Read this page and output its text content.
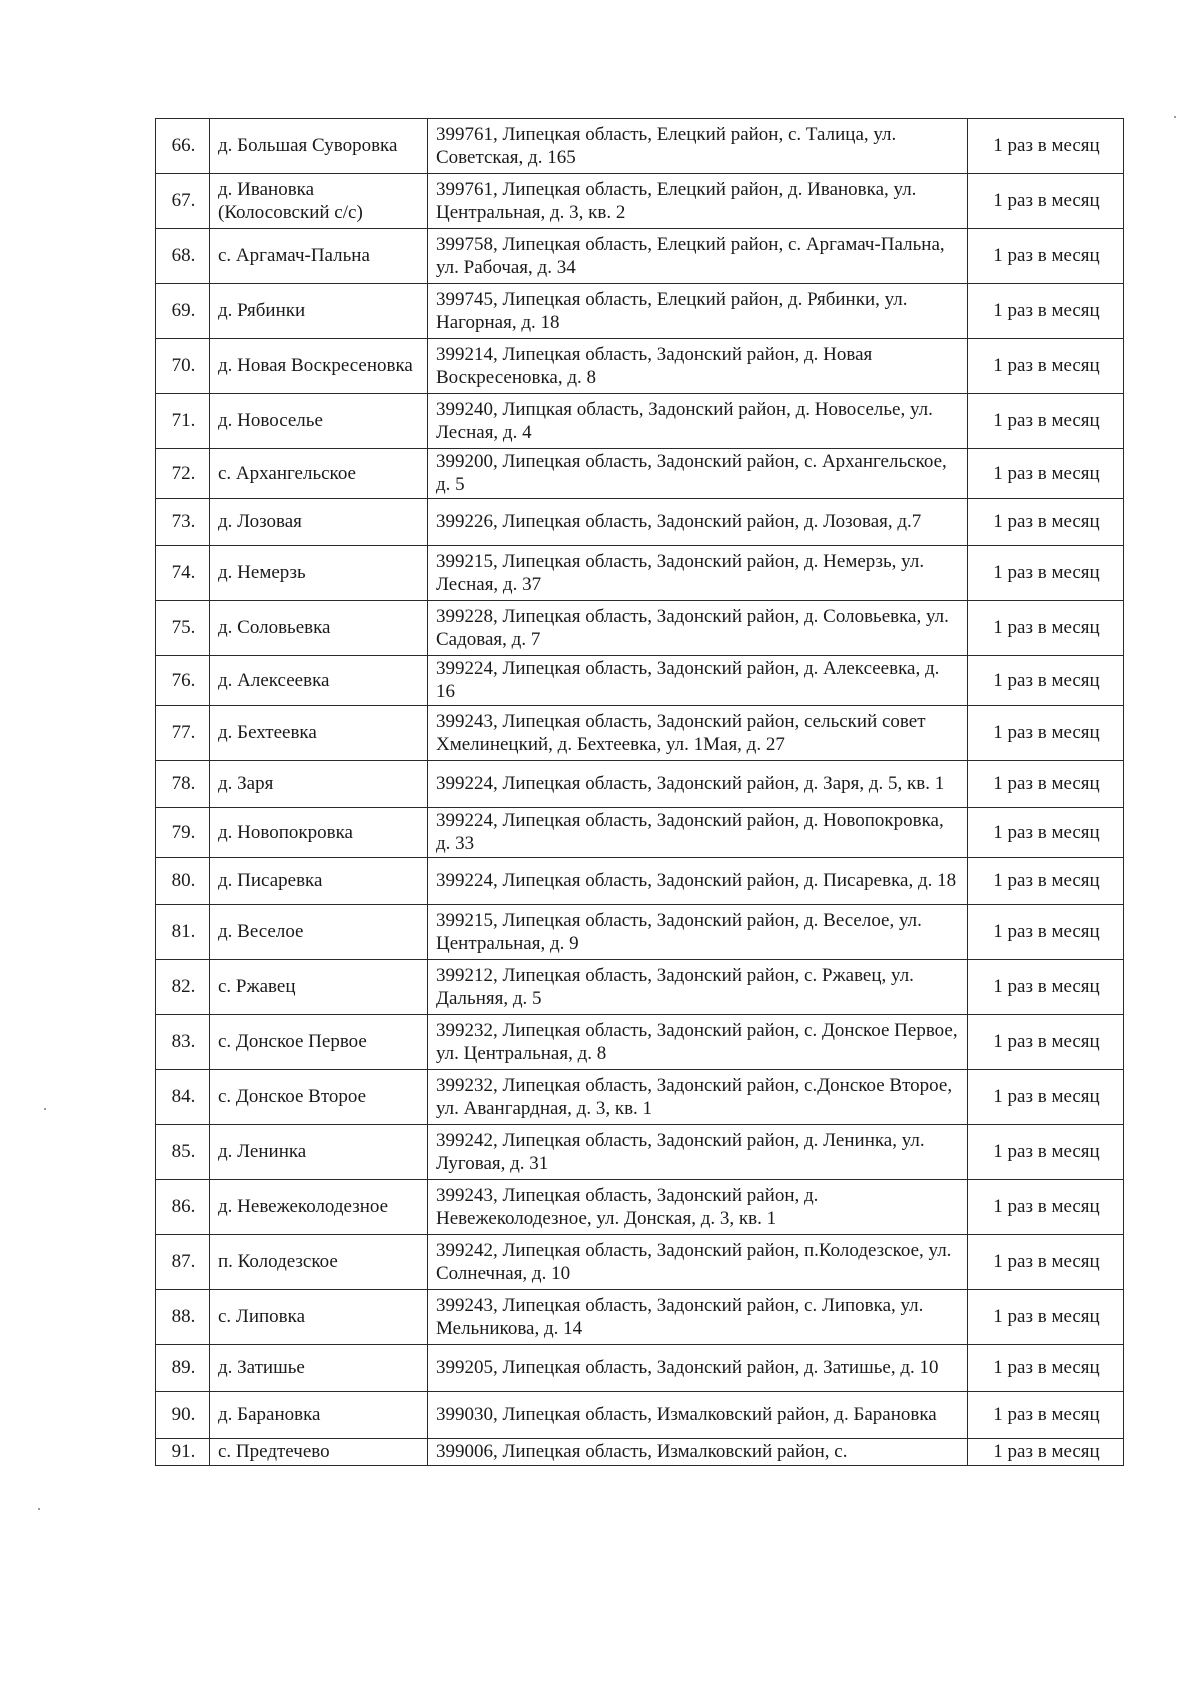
66.	д. Большая Суворовка	399761, Липецкая область, Елецкий район, с. Талица, ул. Советская, д. 165	1 раз в месяц
67.	д. Ивановка (Колосовский с/с)	399761, Липецкая область, Елецкий район, д. Ивановка, ул. Центральная, д. 3, кв. 2	1 раз в месяц
68.	с. Аргамач-Пальна	399758, Липецкая область, Елецкий район, с. Аргамач-Пальна, ул. Рабочая, д. 34	1 раз в месяц
69.	д. Рябинки	399745, Липецкая область, Елецкий район, д. Рябинки, ул. Нагорная, д. 18	1 раз в месяц
70.	д. Новая Воскресеновка	399214, Липецкая область, Задонский район, д. Новая Воскресеновка, д. 8	1 раз в месяц
71.	д. Новоселье	399240, Липцкая область, Задонский район, д. Новоселье, ул. Лесная, д. 4	1 раз в месяц
72.	с. Архангельское	399200, Липецкая область, Задонский район, с. Архангельское, д. 5	1 раз в месяц
73.	д. Лозовая	399226, Липецкая область, Задонский район, д. Лозовая, д.7	1 раз в месяц
74.	д. Немерзь	399215, Липецкая область, Задонский район, д. Немерзь, ул. Лесная, д. 37	1 раз в месяц
75.	д. Соловьевка	399228, Липецкая область, Задонский район, д. Соловьевка, ул. Садовая, д. 7	1 раз в месяц
76.	д. Алексеевка	399224, Липецкая область, Задонский район, д. Алексеевка, д. 16	1 раз в месяц
77.	д. Бехтеевка	399243, Липецкая область, Задонский район, сельский совет Хмелинецкий, д. Бехтеевка, ул. 1Мая, д. 27	1 раз в месяц
78.	д. Заря	399224, Липецкая область, Задонский район, д. Заря, д. 5, кв. 1	1 раз в месяц
79.	д. Новопокровка	399224, Липецкая область, Задонский район, д. Новопокровка, д. 33	1 раз в месяц
80.	д. Писаревка	399224, Липецкая область, Задонский район, д. Писаревка, д. 18	1 раз в месяц
81.	д. Веселое	399215, Липецкая область, Задонский район, д. Веселое, ул. Центральная, д. 9	1 раз в месяц
82.	с. Ржавец	399212, Липецкая область, Задонский район, с. Ржавец, ул. Дальняя, д. 5	1 раз в месяц
83.	с. Донское Первое	399232, Липецкая область, Задонский район, с. Донское Первое, ул. Центральная, д. 8	1 раз в месяц
84.	с. Донское Второе	399232, Липецкая область, Задонский район, с.Донское Второе, ул. Авангардная, д. 3, кв. 1	1 раз в месяц
85.	д. Ленинка	399242, Липецкая область, Задонский район, д. Ленинка, ул. Луговая, д. 31	1 раз в месяц
86.	д. Невежеколодезное	399243, Липецкая область, Задонский район, д. Невежеколодезное, ул. Донская, д. 3, кв. 1	1 раз в месяц
87.	п. Колодезское	399242, Липецкая область, Задонский район, п.Колодезское, ул. Солнечная, д. 10	1 раз в месяц
88.	с. Липовка	399243, Липецкая область, Задонский район, с. Липовка, ул. Мельникова, д. 14	1 раз в месяц
89.	д. Затишье	399205, Липецкая область, Задонский район, д. Затишье, д. 10	1 раз в месяц
90.	д. Барановка	399030, Липецкая область, Измалковский район, д. Барановка	1 раз в месяц
91.	с. Предтечево	399006, Липецкая область, Измалковский район, с.	1 раз в месяц
